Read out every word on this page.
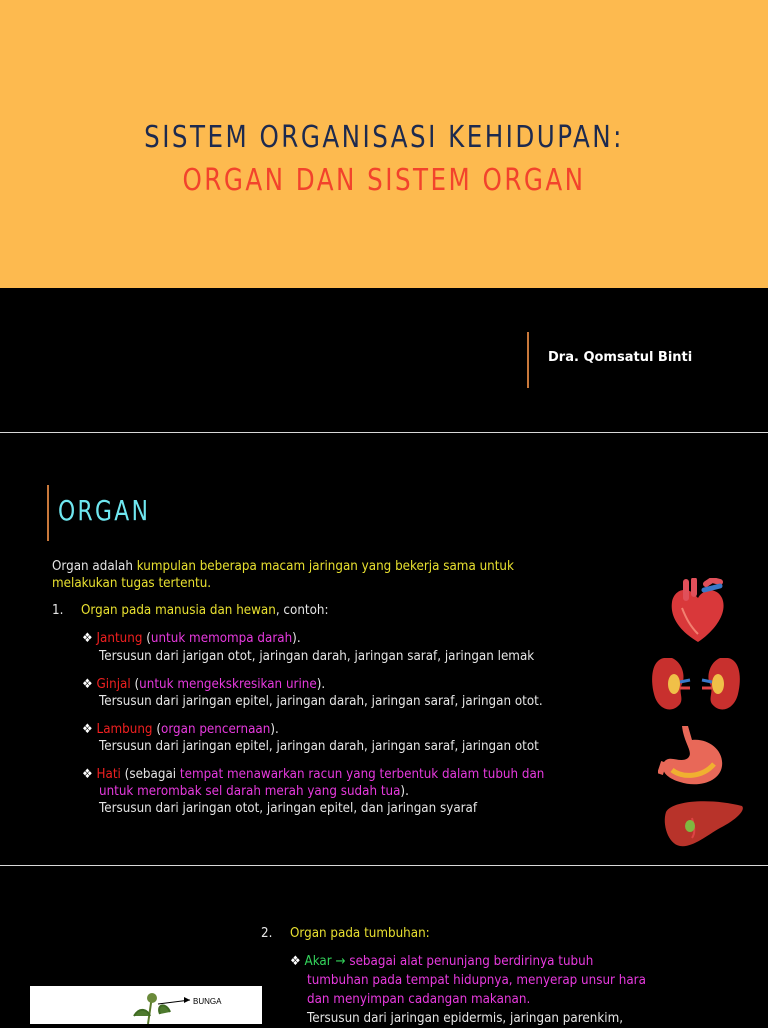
SISTEM ORGANISASI KEHIDUPAN:
ORGAN DAN SISTEM ORGAN
Dra. Qomsatul Binti
ORGAN
Organ adalah kumpulan beberapa macam jaringan yang bekerja sama untuk
melakukan tugas tertentu.
1. Organ pada manusia dan hewan, contoh:
❖ Jantung (untuk memompa darah).
Tersusun dari jarigan otot, jaringan darah, jaringan saraf, jaringan lemak
❖ Ginjal (untuk mengekskresikan urine).
Tersusun dari jaringan epitel, jaringan darah, jaringan saraf, jaringan otot.
❖ Lambung (organ pencernaan).
Tersusun dari jaringan epitel, jaringan darah, jaringan saraf, jaringan otot
❖ Hati (sebagai tempat menawarkan racun yang terbentuk dalam tubuh dan
untuk merombak sel darah merah yang sudah tua).
Tersusun dari jaringan otot, jaringan epitel, dan jaringan syaraf
2. Organ pada tumbuhan:
❖ Akar → sebagai alat penunjang berdirinya tubuh
tumbuhan pada tempat hidupnya, menyerap unsur hara
dan menyimpan cadangan makanan.
Tersusun dari jaringan epidermis, jaringan parenkim,
BUNGA
